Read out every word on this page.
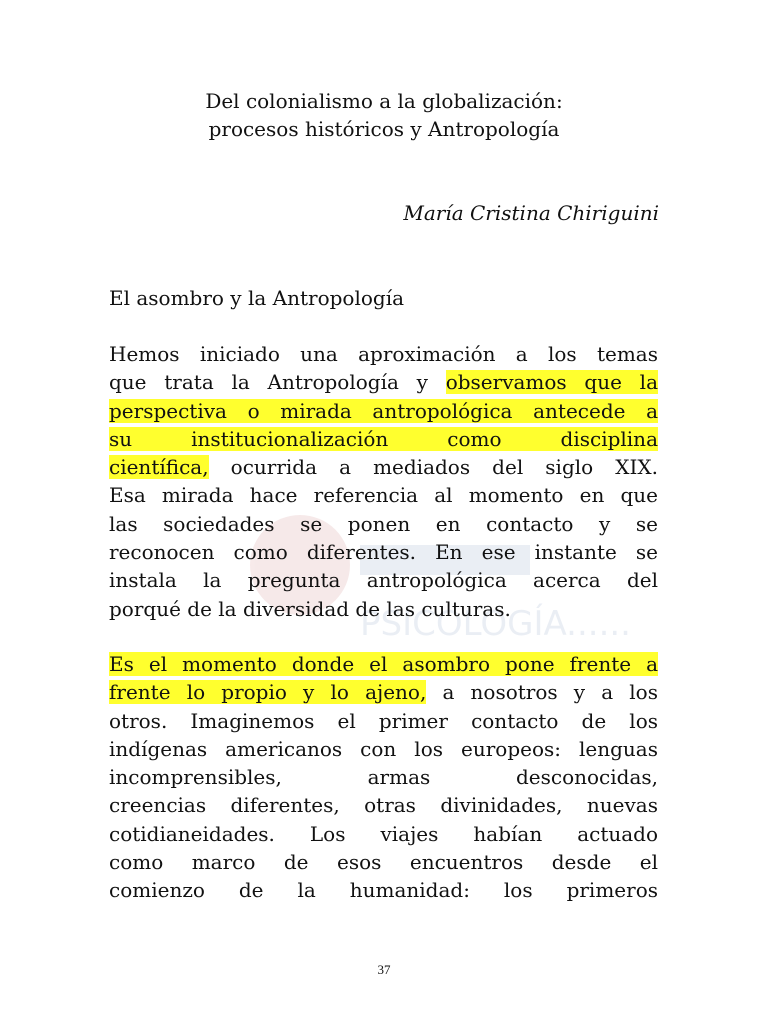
PSICOLOGÍA......
Del colonialismo a la globalización:
procesos históricos y Antropología
María Cristina Chiriguini
El asombro y la Antropología
Hemos iniciado una aproximación a los temas
que trata la Antropología y observamos que la
perspectiva o mirada antropológica antecede a
su institucionalización como disciplina
científica, ocurrida a mediados del siglo XIX.
Esa mirada hace referencia al momento en que
las sociedades se ponen en contacto y se
reconocen como diferentes. En ese instante se
instala la pregunta antropológica acerca del
porqué de la diversidad de las culturas.
Es el momento donde el asombro pone frente a
frente lo propio y lo ajeno, a nosotros y a los
otros. Imaginemos el primer contacto de los
indígenas americanos con los europeos: lenguas
incomprensibles, armas desconocidas,
creencias diferentes, otras divinidades, nuevas
cotidianeidades. Los viajes habían actuado
como marco de esos encuentros desde el
comienzo de la humanidad: los primeros
37
